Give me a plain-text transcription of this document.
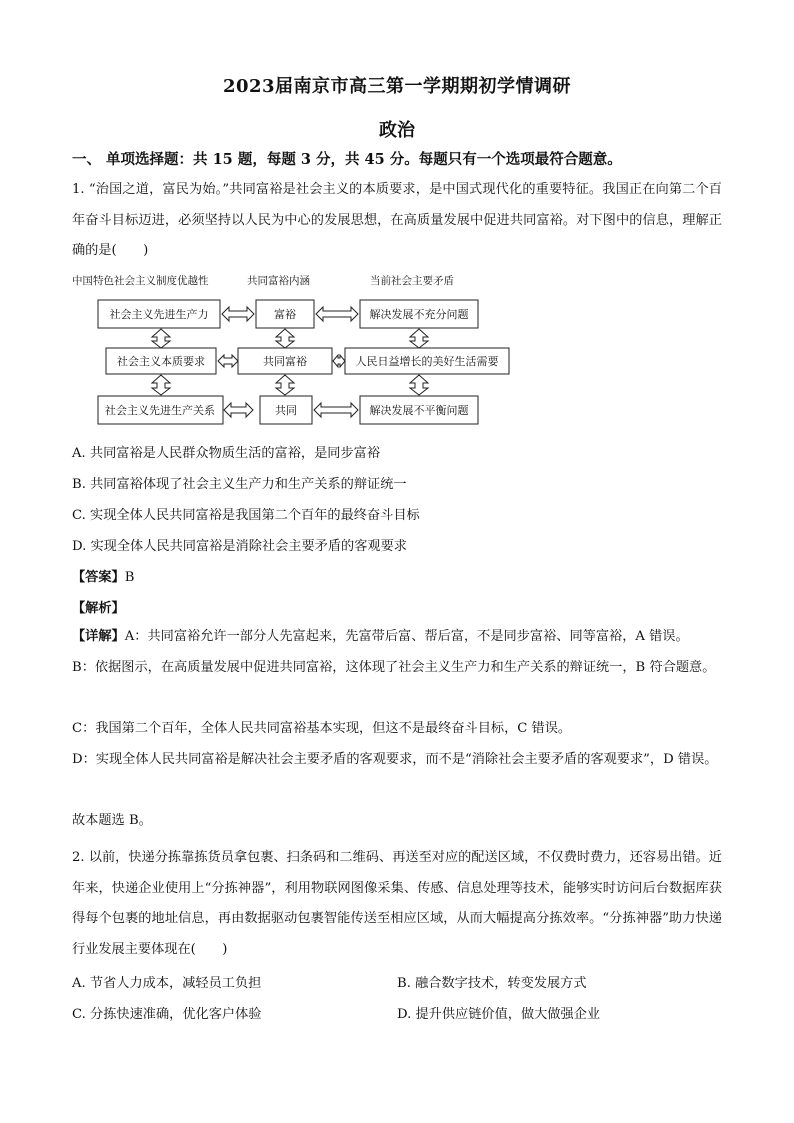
2023届南京市高三第一学期期初学情调研
政治
一、 单项选择题：共 15 题，每题 3 分，共 45 分。每题只有一个选项最符合题意。
1. “治国之道，富民为始。”共同富裕是社会主义的本质要求，是中国式现代化的重要特征。我国正在向第二个百年奋斗目标迈进，必须坚持以人民为中心的发展思想，在高质量发展中促进共同富裕。对下图中的信息，理解正确的是(　　)
中国特色社会主义制度优越性	共同富裕内涵	当前社会主要矛盾
社会主义先进生产力
社会主义本质要求
社会主义先进生产关系
富裕
共同富裕
共同
解决发展不充分问题
人民日益增长的美好生活需要
解决发展不平衡问题
A. 共同富裕是人民群众物质生活的富裕，是同步富裕
B. 共同富裕体现了社会主义生产力和生产关系的辩证统一
C. 实现全体人民共同富裕是我国第二个百年的最终奋斗目标
D. 实现全体人民共同富裕是消除社会主要矛盾的客观要求
【答案】B
【解析】
【详解】A：共同富裕允许一部分人先富起来，先富带后富、帮后富，不是同步富裕、同等富裕，A 错误。
B：依据图示，在高质量发展中促进共同富裕，这体现了社会主义生产力和生产关系的辩证统一，B 符合题意。
C：我国第二个百年，全体人民共同富裕基本实现，但这不是最终奋斗目标，C 错误。
D：实现全体人民共同富裕是解决社会主要矛盾的客观要求，而不是“消除社会主要矛盾的客观要求”，D 错误。
故本题选 B。
2. 以前，快递分拣靠拣货员拿包裹、扫条码和二维码、再送至对应的配送区域，不仅费时费力，还容易出错。近年来，快递企业使用上“分拣神器”，利用物联网图像采集、传感、信息处理等技术，能够实时访问后台数据库获得每个包裹的地址信息，再由数据驱动包裹智能传送至相应区域，从而大幅提高分拣效率。“分拣神器”助力快递行业发展主要体现在(　　)
A. 节省人力成本，减轻员工负担	B. 融合数字技术，转变发展方式
C. 分拣快速准确，优化客户体验	D. 提升供应链价值，做大做强企业
